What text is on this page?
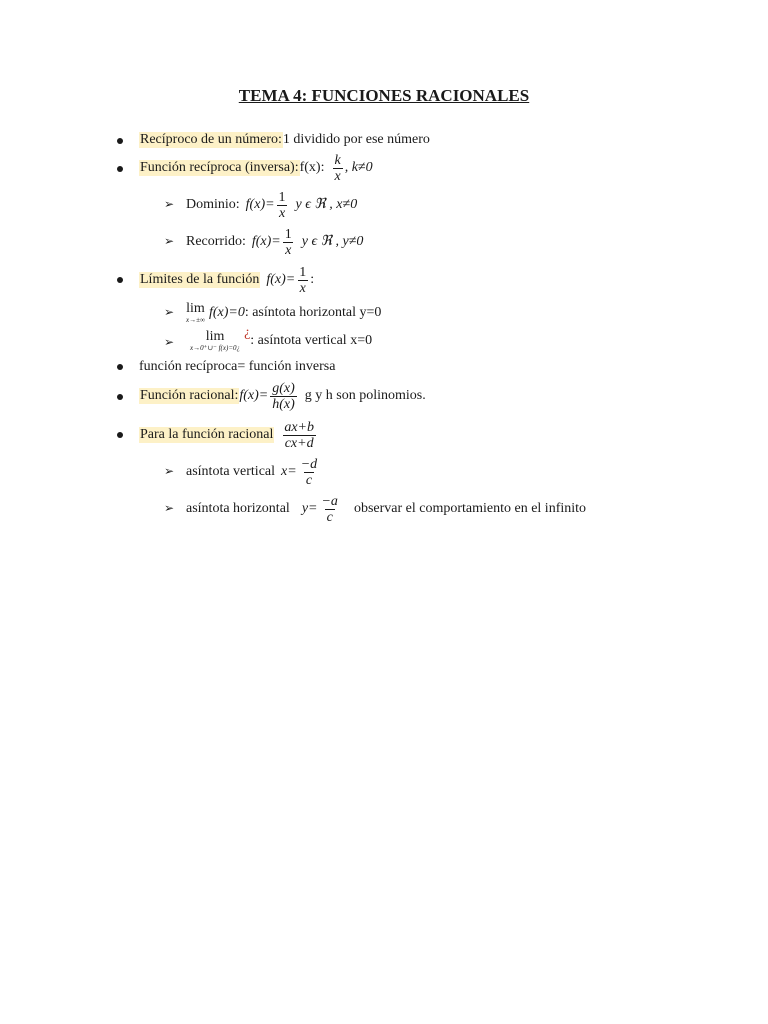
TEMA 4: FUNCIONES RACIONALES
Recíproco de un número: 1 dividido por ese número
Función recíproca (inversa): f(x): $\frac{k}{x}$ , k≠0
➢ Dominio: $f(x)= \frac{1}{x}$ y ϵ ℜ , x≠0
➢ Recorrido: $f(x)= \frac{1}{x}$ y ϵ ℜ , y≠0
Límites de la función $f(x)= \frac{1}{x}$ :
➢ lim
x→±∞ f(x)=0 : asíntota horizontal y=0
➢ lim
x→0⁺∪⁻ f(x)=0¿
¿
: asíntota vertical x=0
función recíproca= función inversa
Función racional: $f(x)= \frac{g(x)}{h(x)}$ g y h son polinomios.
Para la función racional $\frac{ax+b}{cx+d}$
➢ asíntota vertical $x= \frac{-d}{c}$
➢ asíntota horizontal $y= \frac{-a}{c}$ observar el comportamiento en el infinito
